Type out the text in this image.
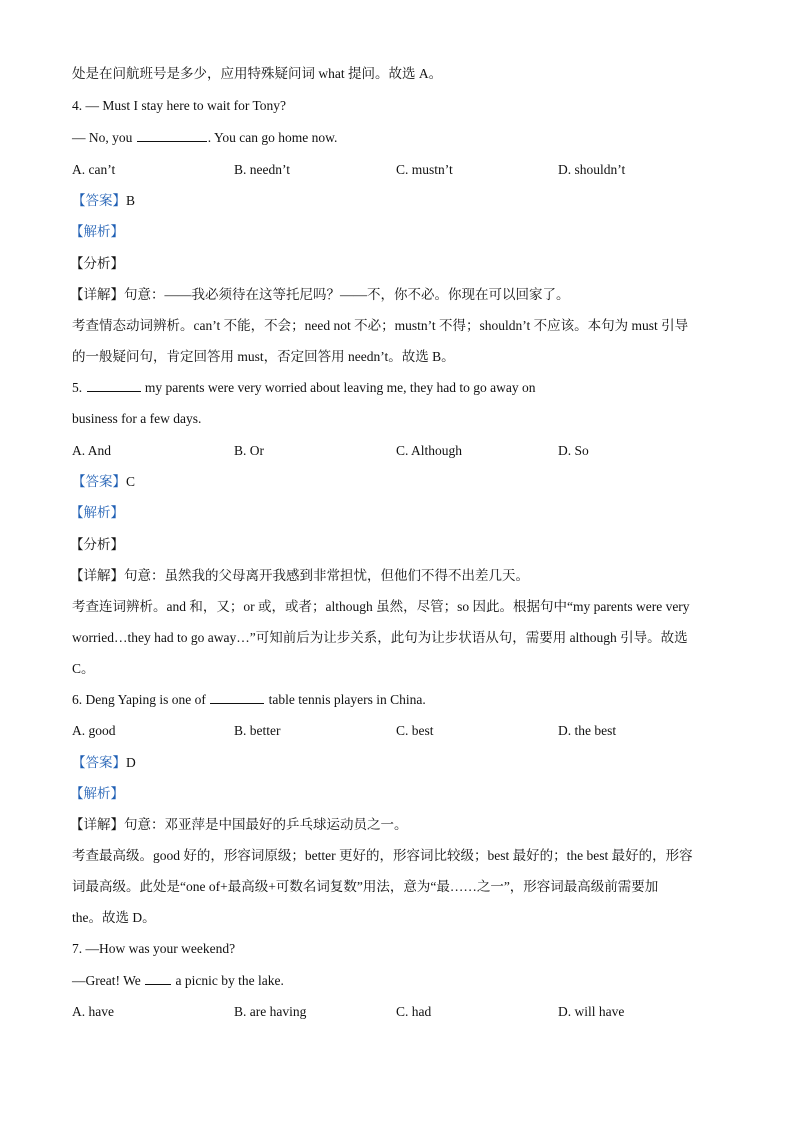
处是在问航班号是多少，应用特殊疑问词 what 提问。故选 A。
4. — Must I stay here to wait for Tony?
— No, you	. You can go home now.
A. can’t	B. needn’t	C. mustn’t	D. shouldn’t
【答案】B
【解析】
【分析】
【详解】句意：——我必须待在这等托尼吗？——不，你不必。你现在可以回家了。
考查情态动词辨析。can’t 不能，不会；need not 不必；mustn’t 不得；shouldn’t 不应该。本句为 must 引导
的一般疑问句，肯定回答用 must，否定回答用 needn’t。故选 B。
5.	my parents were very worried about leaving me, they had to go away on
business for a few days.
A. And	B. Or	C. Although	D. So
【答案】C
【解析】
【分析】
【详解】句意：虽然我的父母离开我感到非常担忧，但他们不得不出差几天。
考查连词辨析。and 和，又；or 或，或者；although 虽然，尽管；so 因此。根据句中“my parents were very
worried…they had to go away…”可知前后为让步关系，此句为让步状语从句，需要用 although 引导。故选
C。
6. Deng Yaping is one of	table tennis players in China.
A. good	B. better	C. best	D. the best
【答案】D
【解析】
【详解】句意：邓亚萍是中国最好的乒乓球运动员之一。
考查最高级。good 好的，形容词原级；better 更好的，形容词比较级；best 最好的；the best 最好的，形容
词最高级。此处是“one of+最高级+可数名词复数”用法，意为“最……之一”，形容词最高级前需要加
the。故选 D。
7. —How was your weekend?
—Great! We	a picnic by the lake.
A. have	B. are having	C. had	D. will have
